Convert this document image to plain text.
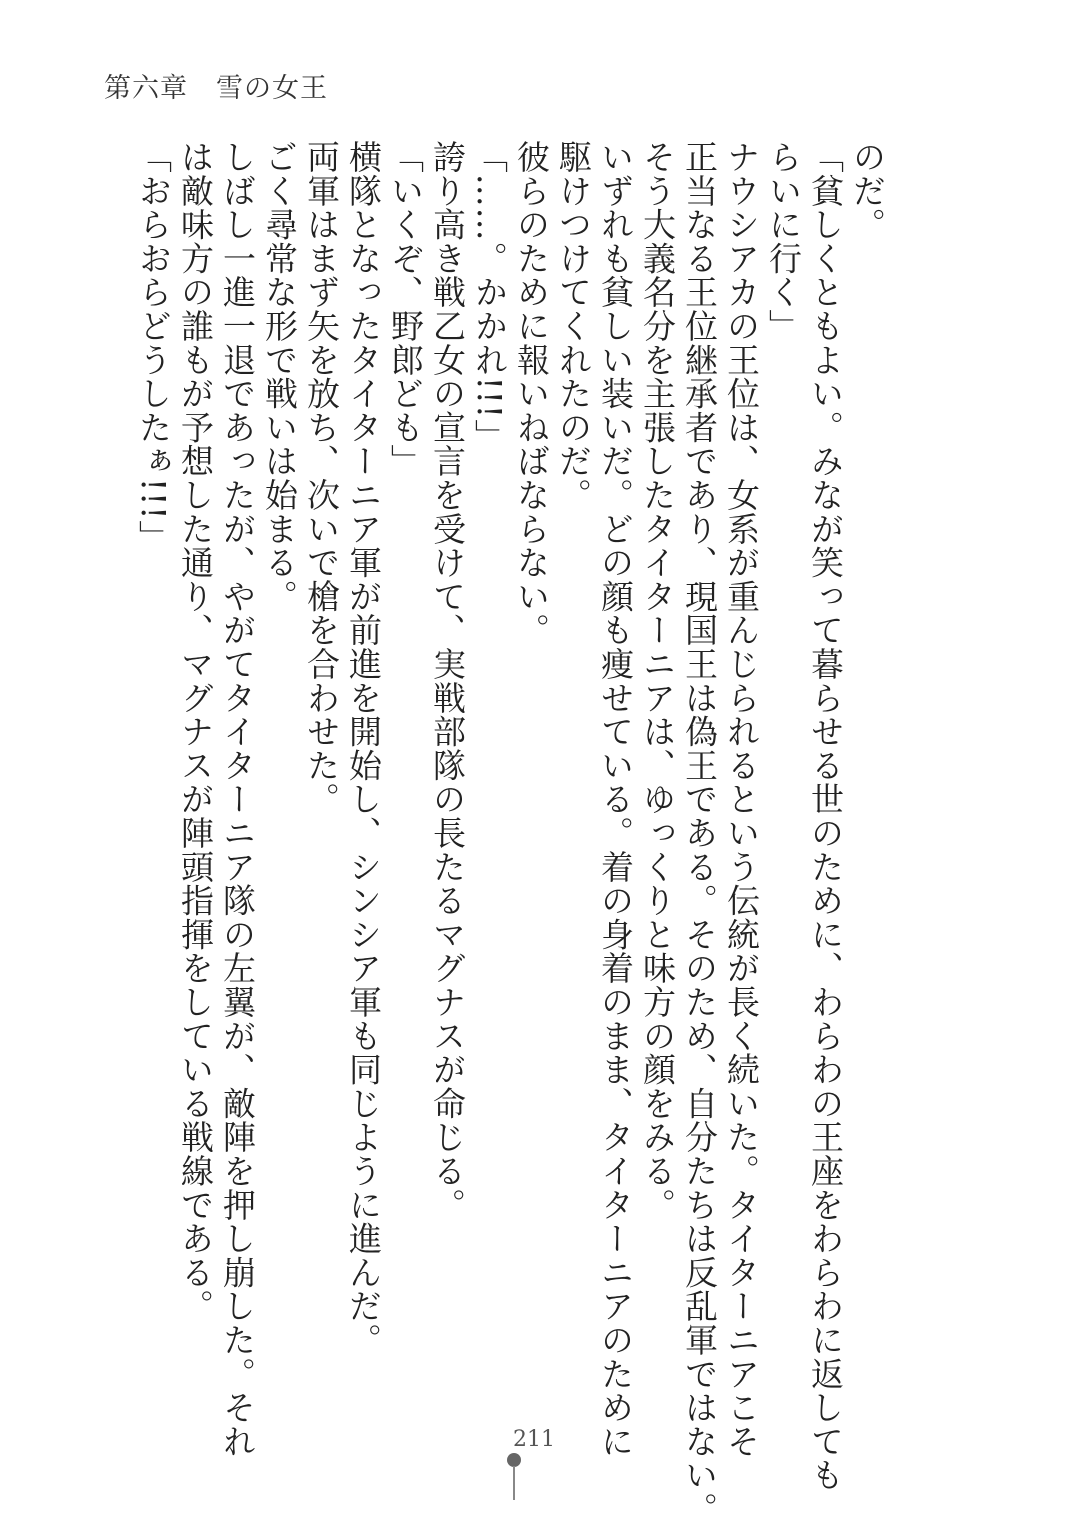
第六章　雪の女王

のだ。

「貧しくともよい。みなが笑って暮らせる世のために、わらわの王座をわらわに返しても

らいに行く」

ナウシアカの王位は、女系が重んじられるという伝統が長く続いた。タイターニアこそ

正当なる王位継承者であり、現国王は偽王である。そのため、自分たちは反乱軍ではない。

そう大義名分を主張したタイターニアは、ゆっくりと味方の顔をみる。

いずれも貧しい装いだ。どの顔も痩せている。着の身着のまま、タイターニアのために

駆けつけてくれたのだ。

彼らのために報いねばならない。

「……。かかれ!!!」

誇り高き戦乙女の宣言を受けて、実戦部隊の長たるマグナスが命じる。

「いくぞ、野郎ども」

横隊となったタイターニア軍が前進を開始し、シンシア軍も同じように進んだ。

両軍はまず矢を放ち、次いで槍を合わせた。

ごく尋常な形で戦いは始まる。

しばし一進一退であったが、やがてタイターニア隊の左翼が、敵陣を押し崩した。それ

は敵味方の誰もが予想した通り、マグナスが陣頭指揮をしている戦線である。

「おらおらどうしたぁ!!!」

211
